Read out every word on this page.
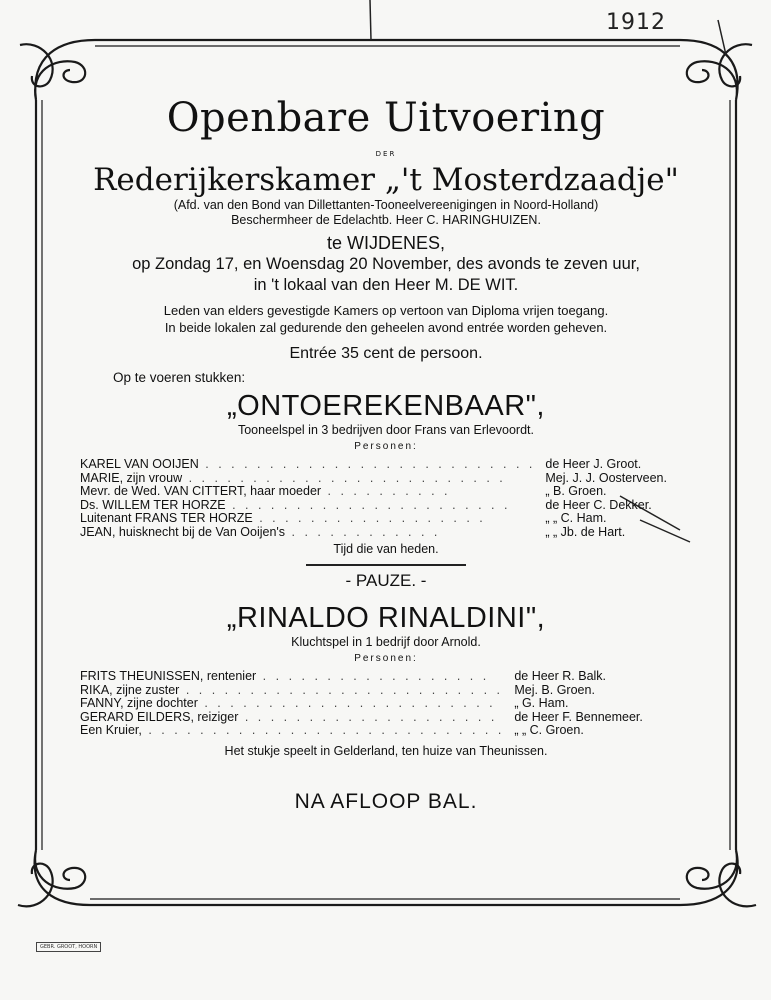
1912
Openbare Uitvoering
DER
Rederijkerskamer „'t Mosterdzaadje"
(Afd. van den Bond van Dillettanten-Tooneelvereenigingen in Noord-Holland)
Beschermheer de Edelachtb. Heer C. HARINGHUIZEN.
te WIJDENES,
op Zondag 17, en Woensdag 20 November, des avonds te zeven uur,
in 't lokaal van den Heer M. DE WIT.
Leden van elders gevestigde Kamers op vertoon van Diploma vrijen toegang.
In beide lokalen zal gedurende den geheelen avond entrée worden geheven.
Entrée 35 cent de persoon.
Op te voeren stukken:
„ONTOEREKENBAAR",
Tooneelspel in 3 bedrijven door Frans van Erlevoordt.
Personen:
KAREL VAN OOIJEN . . . . . . . . . . . . . . . . . . . . . . . . . .	de Heer J. Groot.
MARIE, zijn vrouw . . . . . . . . . . . . . . . . . . . . . . . . .	Mej. J. J. Oosterveen.
Mevr. de Wed. VAN CITTERT, haar moeder . . . . . . . . . .	„ B. Groen.
Ds. WILLEM TER HORZE . . . . . . . . . . . . . . . . . . . . . .	de Heer C. Dekker.
Luitenant FRANS TER HORZE . . . . . . . . . . . . . . . . . .	„ „ C. Ham.
JEAN, huisknecht bij de Van Ooijen's . . . . . . . . . . . .	„ „ Jb. de Hart.
Tijd die van heden.
- PAUZE. -
„RINALDO RINALDINI",
Kluchtspel in 1 bedrijf door Arnold.
Personen:
FRITS THEUNISSEN, rentenier . . . . . . . . . . . . . . . . . .	de Heer R. Balk.
RIKA, zijne zuster . . . . . . . . . . . . . . . . . . . . . . . . .	Mej. B. Groen.
FANNY, zijne dochter . . . . . . . . . . . . . . . . . . . . . . .	„ G. Ham.
GERARD EILDERS, reiziger . . . . . . . . . . . . . . . . . . . .	de Heer F. Bennemeer.
Een Kruier, . . . . . . . . . . . . . . . . . . . . . . . . . . . .	„ „ C. Groen.
Het stukje speelt in Gelderland, ten huize van Theunissen.
NA AFLOOP BAL.
GEBR. GROOT, HOORN
